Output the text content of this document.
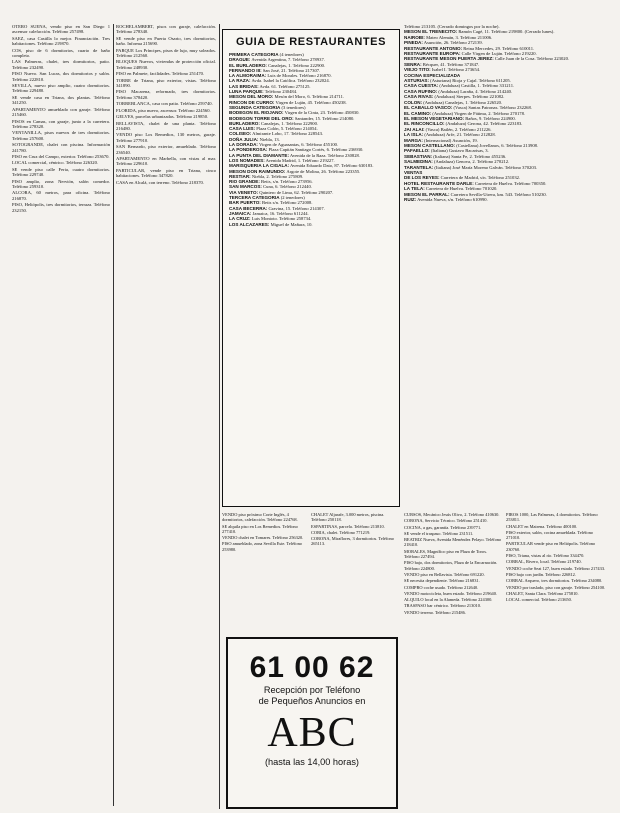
OTERO SUENA, vendo piso en San Diego 1 ascensor calefacción. Teléfono 257498.

SAEZ, casa Castilla lo mejor. Financiación. Tres habitaciones. Teléfono 219870.

COS, piso de 6 dormitorios, cuarto de baño completo.

LAS Palmeras, chalet, tres dormitorios, patio. Teléfono 232490.

PISO Nuevo. San Lucas, dos dormitorios y salón. Teléfono 222810.

SEVILLA, nuevo piso amplio, cuatro dormitorios. Teléfono 229480.

SE vende casa en Triana, dos plantas. Teléfono 341250.

APARTAMENTO amueblado con garaje. Teléfono 215460.

PISOS en Camas, con garaje, junto a la carretera. Teléfono 278320.

VENTANILLA, pisos nuevos de tres dormitorios. Teléfono 257600.

SOTOGRANDE, chalet con piscina. Información 241780.

PISO en Cruz del Campo, exterior. Teléfono 253670.

LOCAL comercial, céntrico. Teléfono 226320.

SE vende piso calle Feria, cuatro dormitorios. Teléfono 229740.

PISO amplio, zona Nervión, salón comedor. Teléfono 259310.

ALCORA, 60 metros, para oficina. Teléfono 216870.

PISO, Heliópolis, tres dormitorios, terraza. Teléfono 232150.

ROCHELAMBERT, pisos con garaje, calefacción. Teléfono 278340.

SE vende piso en Puerta Osario, tres dormitorios, baño. Informa 215690.

PARQUE Los Príncipes, pisos de lujo, muy soleados. Teléfono 212560.

BLOQUES Nuevos, viviendas de protección oficial. Teléfono 248930.

PISO en Palmete, facilidades. Teléfono 251470.

TORRE de Triana, piso exterior, vistas. Teléfono 341890.

PISO Macarena, reformado, tres dormitorios. Teléfono 378420.

TORREBLANCA, casa con patio. Teléfono 259740.

FLORIDA, piso nuevo, ascensor. Teléfono 224560.

GELVES, parcelas urbanizadas. Teléfono 219850.

BELLAVISTA, chalet de una planta. Teléfono 216480.

VENDO piso Los Remedios, 130 metros, garaje. Teléfono 277910.

SAN Bernardo, piso exterior, amueblado. Teléfono 236540.

APARTAMENTO en Marbella, con vistas al mar. Teléfono 229610.

PARTICULAR, vende piso en Triana, cinco habitaciones. Teléfono 347820.

CASA en Alcalá, con terreno. Teléfono 218370.

GUIA DE RESTAURANTES

PRIMERA CATEGORIA (4 tenedores)

DRAGUE: Avenida Argentina, 7. Teléfono 278937.

EL BURLADERO: Canalejas, 1. Teléfono 222900.

FERNANDO III: San José, 21. Teléfono 217307.

LA ALMORAIMA: Luis de Morales. Teléfono 216870.

LA RAZA: Avda. Isabel la Católica. Teléfono 232024.

LAS BRIDAS: Avda. 61. Teléfono 275125.

LUNA PARQUE: Teléfono 230484.

MESON DEL MORO: Mesón del Moro, 6. Teléfono 214711.

RINCON DE CURRO: Virgen de Luján, 45. Teléfono 450238.

SEGUNDA CATEGORIA (3 tenedores)

BODEGON EL RIOJANO: Virgen de la Cinta, 23. Teléfono 450830.

BODEGON TORRE DEL ORO: Santander, 15. Teléfono 214080.

BURLADERO: Canalejas, 1. Teléfono 222900.

CASA LUIS: Plaza Colón, 5. Teléfono 214054.

COLISEO: Almirante Lobo, 17. Teléfono 228543.

DOÑA JULIA: Niebla, 13.

LA DORADA: Virgen de Aguasantas, 6. Teléfono 455100.

LA PONDEROSA: Plaza Capitán Santiago Cortés, 6. Teléfono 236930.

LA PUNTA DEL DIAMANTE: Avenida de la Raza. Teléfono 230828.

LOS NOMADES: Avenida Madrid, 1. Teléfono 219227.

MARISQUERIA LA CIGALA: Avenida Eduardo Dato, 87. Teléfono 630183.

MESON DON RAIMUNDO: Argote de Molina, 26. Teléfono 223355.

RESTIAR: Niebla, 2. Teléfono 275809.

RIO GRANDE: Betis, s/n. Teléfono 273956.

SAN MARCOS: Cuna, 6. Teléfono 212440.

VIA VENETO: Quintero de Lima, 62. Teléfono 290207.

TERCERA CATEGORIA (2 tenedores)

BAR PUERTO: Betis s/n. Teléfono 272008.

CASA BECERRA: Gravina, 15. Teléfono 214307.

JAMAICA: Jamaica, 16. Teléfono 611244.

LA CRUZ: Luis Montoto. Teléfono 258734.

LOS ALCAZARES: Miguel de Mañara, 10.

Teléfono 213105. (Cerrado domingos por la noche).

MESON EL TRENECITO: Ramón Cagé, 11. Teléfono 219800. (Cerrado lunes).

NAIROBI: Mateo Alemán, 3. Teléfono 211006.

PINEDA: Asunción, 26. Teléfono 272139.

RESTAURANTE ANTONIO: Reina Mercedes, 29. Teléfono 610011.

RESTAURANTE EUROPA: Calle Virgen de Luján. Teléfono 219220.

RESTAURANTE MESON PUERTA JEREZ: Calle Juan de la Cosa. Teléfono 223020.

SENRA: Bécquer, 41. Teléfono 371847.

VIEJO TITO: Isabel I. Teléfono 273654.

COCINA ESPECIALIZADA

ASTURIAS: (Asturiana) Rioja y Cajal. Teléfono 611205.

CASA CUESTA: (Andaluza) Castilla, 1. Teléfono 331211.

CASA RUFINO: (Andaluza) Laraña, 4. Teléfono 214240.

CASA RIVAS: (Andaluza) Sierpes. Teléfono 221082.

COLON: (Andaluza) Canalejas, 1. Teléfono 226520.

EL CABALLO VASCO: (Vasca) Santas Patronas. Teléfono 232268.

EL CAMINO: (Andaluza) Virgen de Fátima, 2. Teléfono 270178.

EL MESON VEGETARIANO: Baños, 9. Teléfono 224900.

EL RINCONCILLO: (Andaluza) Gerona, 42. Teléfono 223183.

JAI ALAI: (Vasca) Bailén, 2. Teléfono 211226.

LA ISLA: (Andaluza) Arfe, 21. Teléfono 212828.

MARGA: (Internacional) Asunción, 19.

MESON CASTELLANO: (Castellana) Jovellanos, 6. Teléfono 213908.

PAFAELLO: (Italiana) Gustavo Bacarisas, 3.

SEBASTIAN: (Italiana) Santa Fe, 2. Teléfono 455236.

SALMEDINA: (Andaluza) Genova, 2. Teléfono 270212.

TARANTELA: (Italiana) José María Moreno Galván. Teléfono 370203.

VENTAS

DE LOS REYES: Carretera de Madrid, s/n. Teléfono 251032.

HOTEL RESTAURANTE DARLE: Carretera de Huelva. Teléfono 700350.

LA TELA: Carretera de Huelva. Teléfono 701020.

MESON EL PARRAL: Carretera Sevilla-Utrera, km. 543. Teléfono 510230.

RUIZ: Avenida Nueva, s/n. Teléfono 610990.

VENDO piso próximo Corte Inglés, 4 dormitorios, calefacción. Teléfono 224768.

SE alquila piso en Los Remedios. Teléfono 277410.

VENDO chalet en Tomares. Teléfono 256320.

PISO amueblado, zona Sevilla Este. Teléfono 253980.

CHALET Aljarafe, 3.000 metros, piscina. Teléfono 250118.

ESPARTINAS, parcela. Teléfono 213810.

CORIA, chalet. Teléfono 771219.

CORONA, Miraflores, 3 dormitorios. Teléfono 265113.

CURSOS, Mecánico Jesús Olivo, 2. Teléfono 410630.

CORONA, Servicio Técnico. Teléfono 251410.

COCINA, a gas, garantía. Teléfono 239771.

SE vende el traspaso. Teléfono 231511.

BEATRIZ Nueva, Avenida Menéndez Pelayo. Teléfono 218410.

MORALES, Magnífico piso en Plaza de Toros. Teléfono 227494.

PISO bajo, dos dormitorios, Plaza de la Encarnación. Teléfono 224800.

VENDO piso en Bellavista. Teléfono 691220.

SE necesita dependiente. Teléfono 216831.

COMPRO coche usado. Teléfono 212640.

VENDO motocicleta, buen estado. Teléfono 219640.

ALQUILO local en la Alameda. Teléfono 224300.

TRASPASO bar céntrico. Teléfono 213010.

VENDO terreno. Teléfono 215486.

PIROS 1000, Las Palmeras, 4 dormitorios. Teléfono 253811.

CHALET en Mairena. Teléfono 400100.

PISO exterior, salón, cocina amueblada. Teléfono 271010.

PARTICULAR vende piso en Heliópolis. Teléfono 230760.

PISO, Triana, vistas al río. Teléfono 334470.

CORRAL, Rivero, local. Teléfono 219740.

VENDO coche Seat 127, buen estado. Teléfono 217433.

PISO bajo con jardín. Teléfono 226812.

CORRAL Arquero, tres dormitorios. Teléfono 234080.

VENDO por traslado, piso con garaje. Teléfono 254100.

CHALET, Santa Clara. Teléfono 275810.

LOCAL comercial. Teléfono 213650.

61 00 62
Recepción por Teléfono
de Pequeños Anuncios en
ABC
(hasta las 14,00 horas)
